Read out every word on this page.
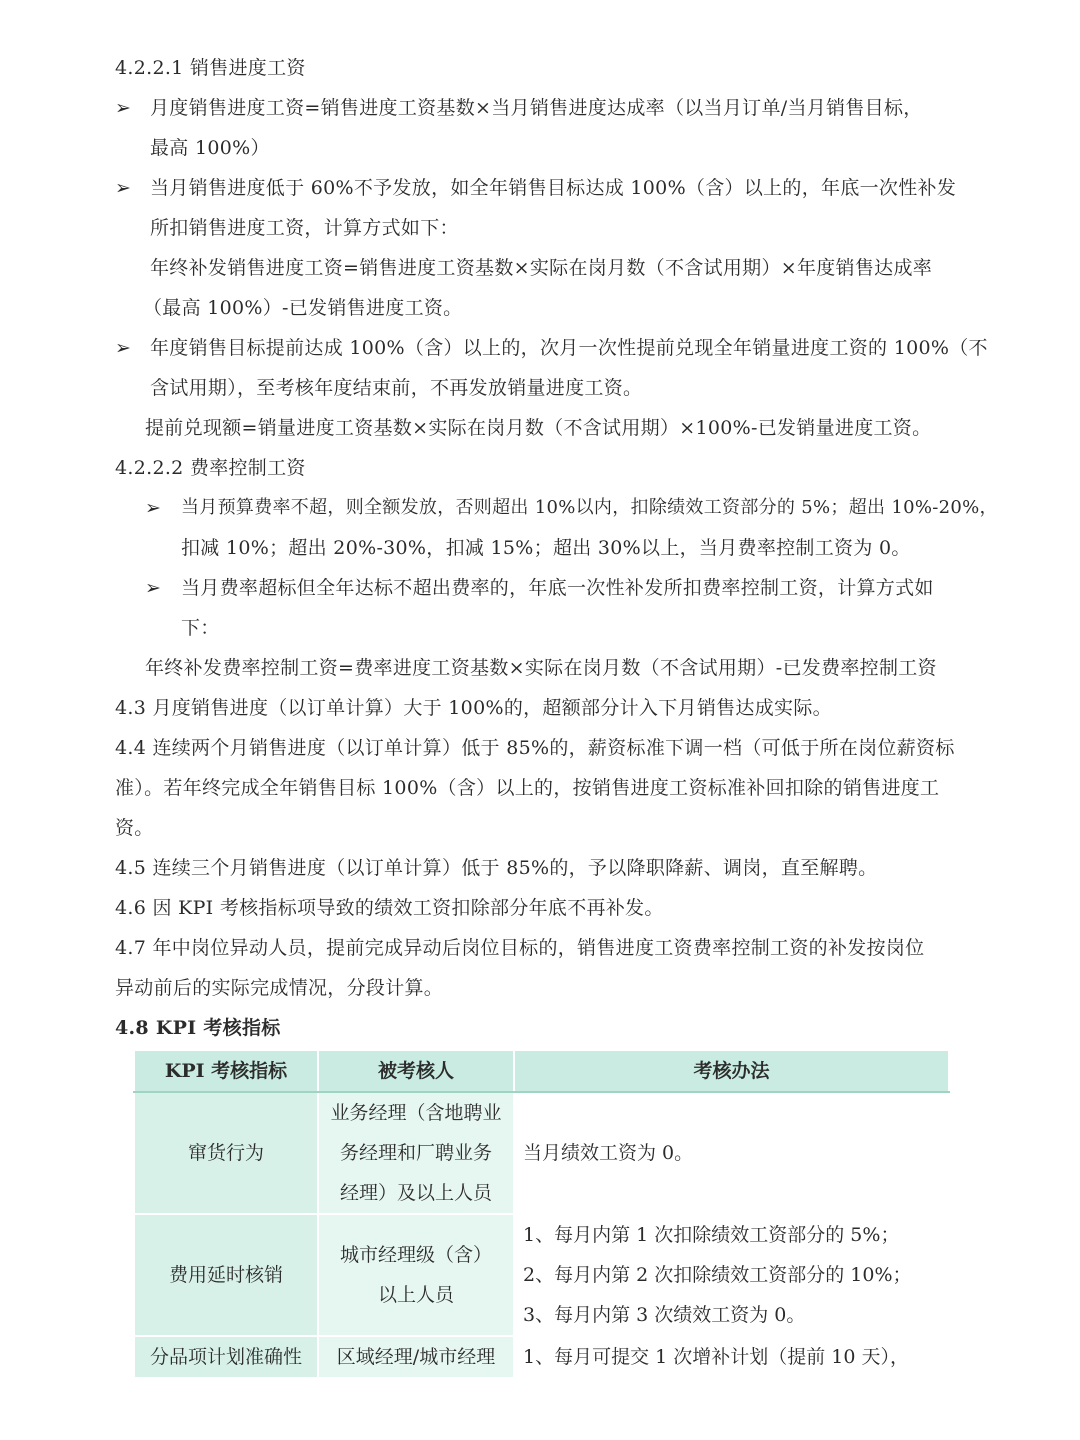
4.2.2.1 销售进度工资
➢ 月度销售进度工资=销售进度工资基数×当月销售进度达成率（以当月订单/当月销售目标，
最高 100%）
➢ 当月销售进度低于 60%不予发放，如全年销售目标达成 100%（含）以上的，年底一次性补发
所扣销售进度工资，计算方式如下：
年终补发销售进度工资=销售进度工资基数×实际在岗月数（不含试用期）×年度销售达成率
（最高 100%）-已发销售进度工资。
➢ 年度销售目标提前达成 100%（含）以上的，次月一次性提前兑现全年销量进度工资的 100%（不
含试用期），至考核年度结束前，不再发放销量进度工资。
提前兑现额=销量进度工资基数×实际在岗月数（不含试用期）×100%-已发销量进度工资。
4.2.2.2 费率控制工资
➢ 当月预算费率不超，则全额发放，否则超出 10%以内，扣除绩效工资部分的 5%；超出 10%-20%，
扣减 10%；超出 20%-30%，扣减 15%；超出 30%以上，当月费率控制工资为 0。
➢ 当月费率超标但全年达标不超出费率的，年底一次性补发所扣费率控制工资，计算方式如
下：
年终补发费率控制工资=费率进度工资基数×实际在岗月数（不含试用期）-已发费率控制工资
4.3 月度销售进度（以订单计算）大于 100%的，超额部分计入下月销售达成实际。
4.4 连续两个月销售进度（以订单计算）低于 85%的，薪资标准下调一档（可低于所在岗位薪资标
准）。若年终完成全年销售目标 100%（含）以上的，按销售进度工资标准补回扣除的销售进度工
资。
4.5 连续三个月销售进度（以订单计算）低于 85%的，予以降职降薪、调岗，直至解聘。
4.6 因 KPI 考核指标项导致的绩效工资扣除部分年底不再补发。
4.7 年中岗位异动人员，提前完成异动后岗位目标的，销售进度工资费率控制工资的补发按岗位
异动前后的实际完成情况，分段计算。
4.8 KPI 考核指标
KPI 考核指标	被考核人	考核办法
窜货行为	业务经理（含地聘业
务经理和厂聘业务
经理）及以上人员	当月绩效工资为 0。

费用延时核销	城市经理级（含）
以上人员	1、每月内第 1 次扣除绩效工资部分的 5%；
2、每月内第 2 次扣除绩效工资部分的 10%；
3、每月内第 3 次绩效工资为 0。

分品项计划准确性	区域经理/城市经理	1、每月可提交 1 次增补计划（提前 10 天），
